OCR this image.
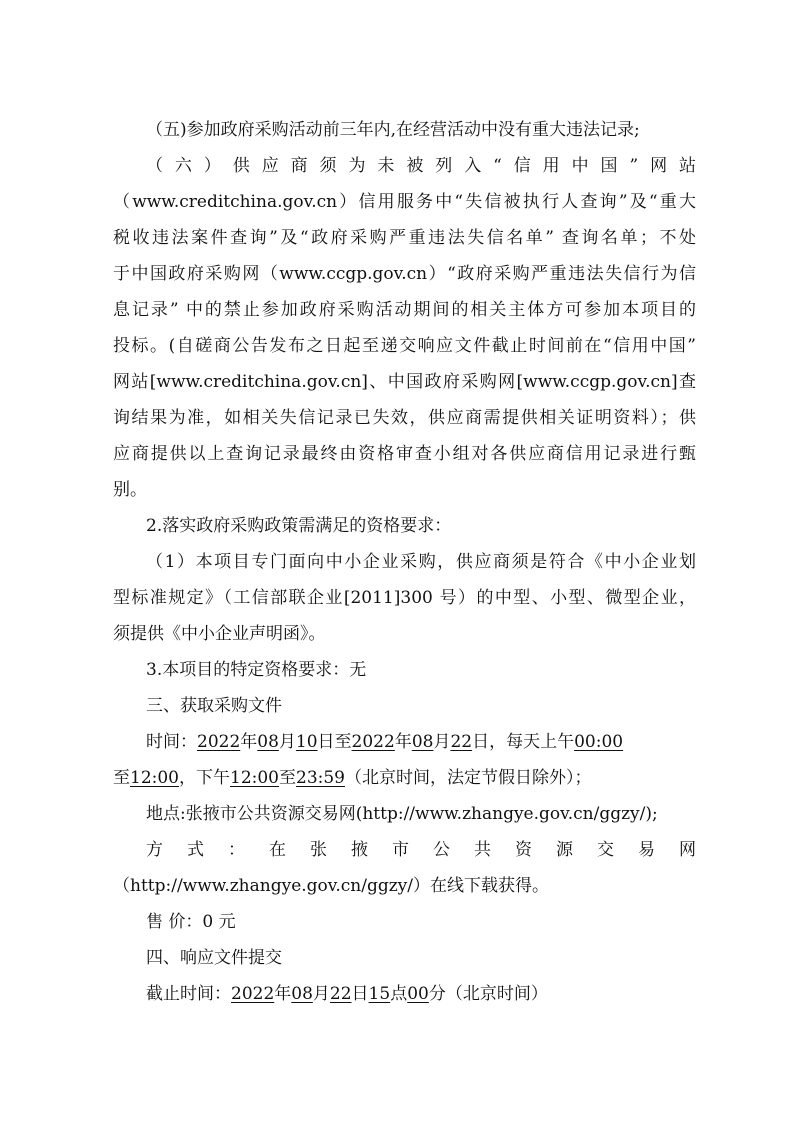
（五)参加政府采购活动前三年内,在经营活动中没有重大违法记录;
（六）供应商须为未被列入“信用中国”网站
（www.creditchina.gov.cn）信用服务中“失信被执行人查询”及“重大
税收违法案件查询”及“政府采购严重违法失信名单” 查询名单；不处
于中国政府采购网（www.ccgp.gov.cn）“政府采购严重违法失信行为信
息记录” 中的禁止参加政府采购活动期间的相关主体方可参加本项目的
投标。(自磋商公告发布之日起至递交响应文件截止时间前在“信用中国”
网站[www.creditchina.gov.cn]、中国政府采购网[www.ccgp.gov.cn]查
询结果为准，如相关失信记录已失效，供应商需提供相关证明资料）；供
应商提供以上查询记录最终由资格审查小组对各供应商信用记录进行甄
别。
2.落实政府采购政策需满足的资格要求：
（1）本项目专门面向中小企业采购，供应商须是符合《中小企业划
型标准规定》（工信部联企业[2011]300 号）的中型、小型、微型企业，
须提供《中小企业声明函》。
3.本项目的特定资格要求：无
三、获取采购文件
时间：2022年08月10日至2022年08月22日，每天上午00:00
至12:00，下午12:00至23:59（北京时间，法定节假日除外）；
地点:张掖市公共资源交易网(http://www.zhangye.gov.cn/ggzy/);
方式：在张掖市公共资源交易网
（http://www.zhangye.gov.cn/ggzy/）在线下载获得。
售 价：0 元
四、响应文件提交
截止时间：2022年08月22日15点00分（北京时间）
